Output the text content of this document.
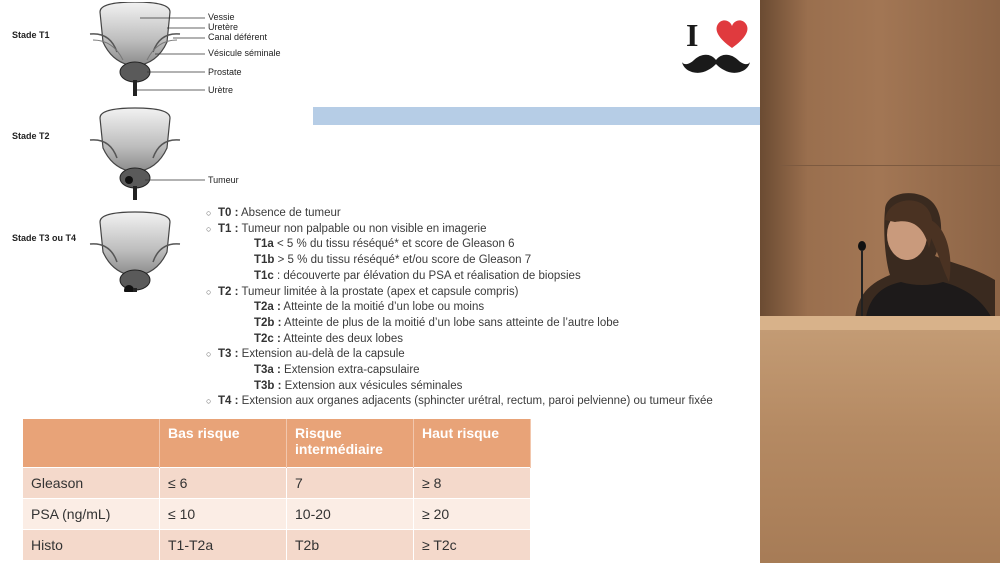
Stade T1
Stade T2
Stade T3 ou T4
Vessie
Uretère
Canal déférent
Vésicule séminale
Prostate
Urètre
Tumeur
I
○ T0 : Absence de tumeur
○ T1 : Tumeur non palpable ou non visible en imagerie
T1a < 5 % du tissu réséqué* et score de Gleason 6
T1b > 5 % du tissu réséqué* et/ou score de Gleason 7
T1c : découverte par élévation du PSA et réalisation de biopsies
○ T2 : Tumeur limitée à la prostate (apex et capsule compris)
T2a : Atteinte de la moitié d’un lobe ou moins
T2b : Atteinte de plus de la moitié d’un lobe sans atteinte de l’autre lobe
T2c : Atteinte des deux lobes
○ T3 : Extension au-delà de la capsule
T3a : Extension extra-capsulaire
T3b : Extension aux vésicules séminales
○ T4 : Extension aux organes adjacents (sphincter urétral, rectum, paroi pelvienne) ou tumeur fixée
	Bas risque	Risque intermédiaire	Haut risque
Gleason	≤ 6	7	≥ 8
PSA (ng/mL)	≤ 10	10-20	≥ 20
Histo	T1-T2a	T2b	≥ T2c
